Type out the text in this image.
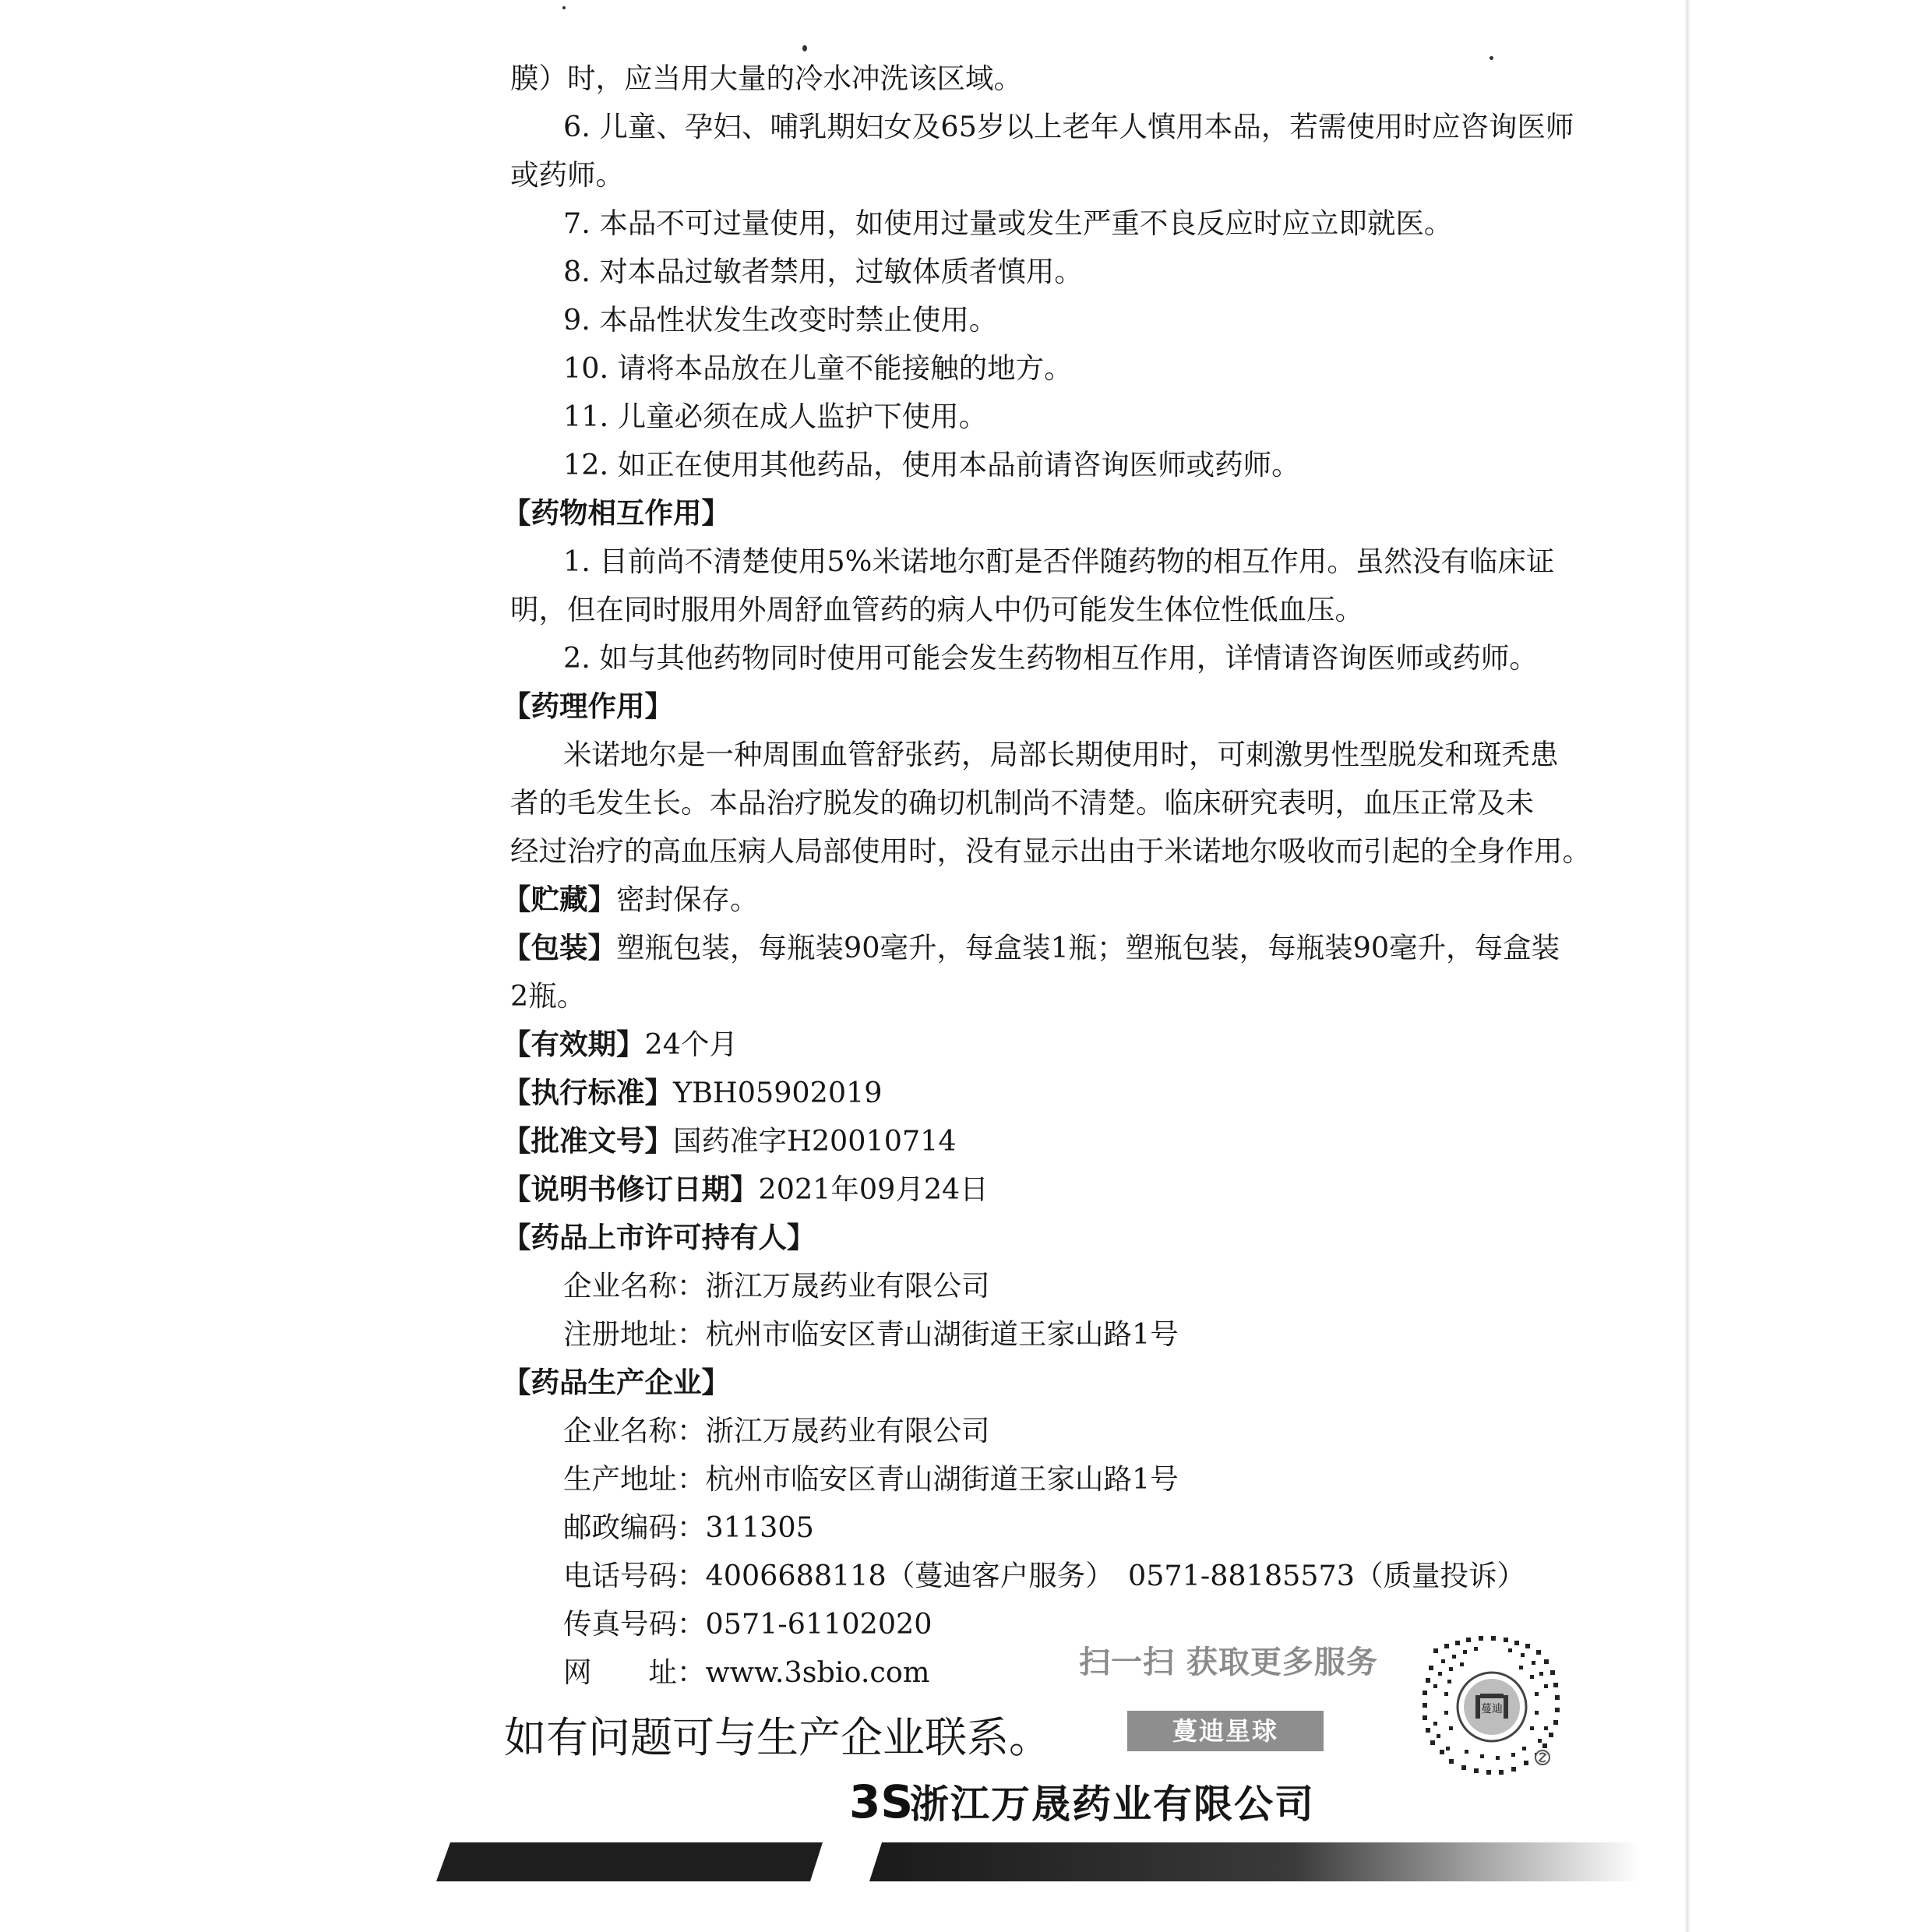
膜）时，应当用大量的冷水冲洗该区域。
6. 儿童、孕妇、哺乳期妇女及65岁以上老年人慎用本品，若需使用时应咨询医师
或药师。
7. 本品不可过量使用，如使用过量或发生严重不良反应时应立即就医。
8. 对本品过敏者禁用，过敏体质者慎用。
9. 本品性状发生改变时禁止使用。
10. 请将本品放在儿童不能接触的地方。
11. 儿童必须在成人监护下使用。
12. 如正在使用其他药品，使用本品前请咨询医师或药师。
【药物相互作用】
1. 目前尚不清楚使用5%米诺地尔酊是否伴随药物的相互作用。虽然没有临床证
明，但在同时服用外周舒血管药的病人中仍可能发生体位性低血压。
2. 如与其他药物同时使用可能会发生药物相互作用，详情请咨询医师或药师。
【药理作用】
米诺地尔是一种周围血管舒张药，局部长期使用时，可刺激男性型脱发和斑秃患
者的毛发生长。本品治疗脱发的确切机制尚不清楚。临床研究表明，血压正常及未
经过治疗的高血压病人局部使用时，没有显示出由于米诺地尔吸收而引起的全身作用。
【贮藏】密封保存。
【包装】塑瓶包装，每瓶装90毫升，每盒装1瓶；塑瓶包装，每瓶装90毫升，每盒装
2瓶。
【有效期】24个月
【执行标准】YBH05902019
【批准文号】国药准字H20010714
【说明书修订日期】2021年09月24日
【药品上市许可持有人】
企业名称：浙江万晟药业有限公司
注册地址：杭州市临安区青山湖街道王家山路1号
【药品生产企业】
企业名称：浙江万晟药业有限公司
生产地址：杭州市临安区青山湖街道王家山路1号
邮政编码：311305
电话号码：4006688118（蔓迪客户服务）　0571-88185573（质量投诉）
传真号码：0571-61102020
网　　址：www.3sbio.com
如有问题可与生产企业联系。
扫一扫 获取更多服务
蔓迪星球
蔓迪
3S
浙江万晟药业有限公司
